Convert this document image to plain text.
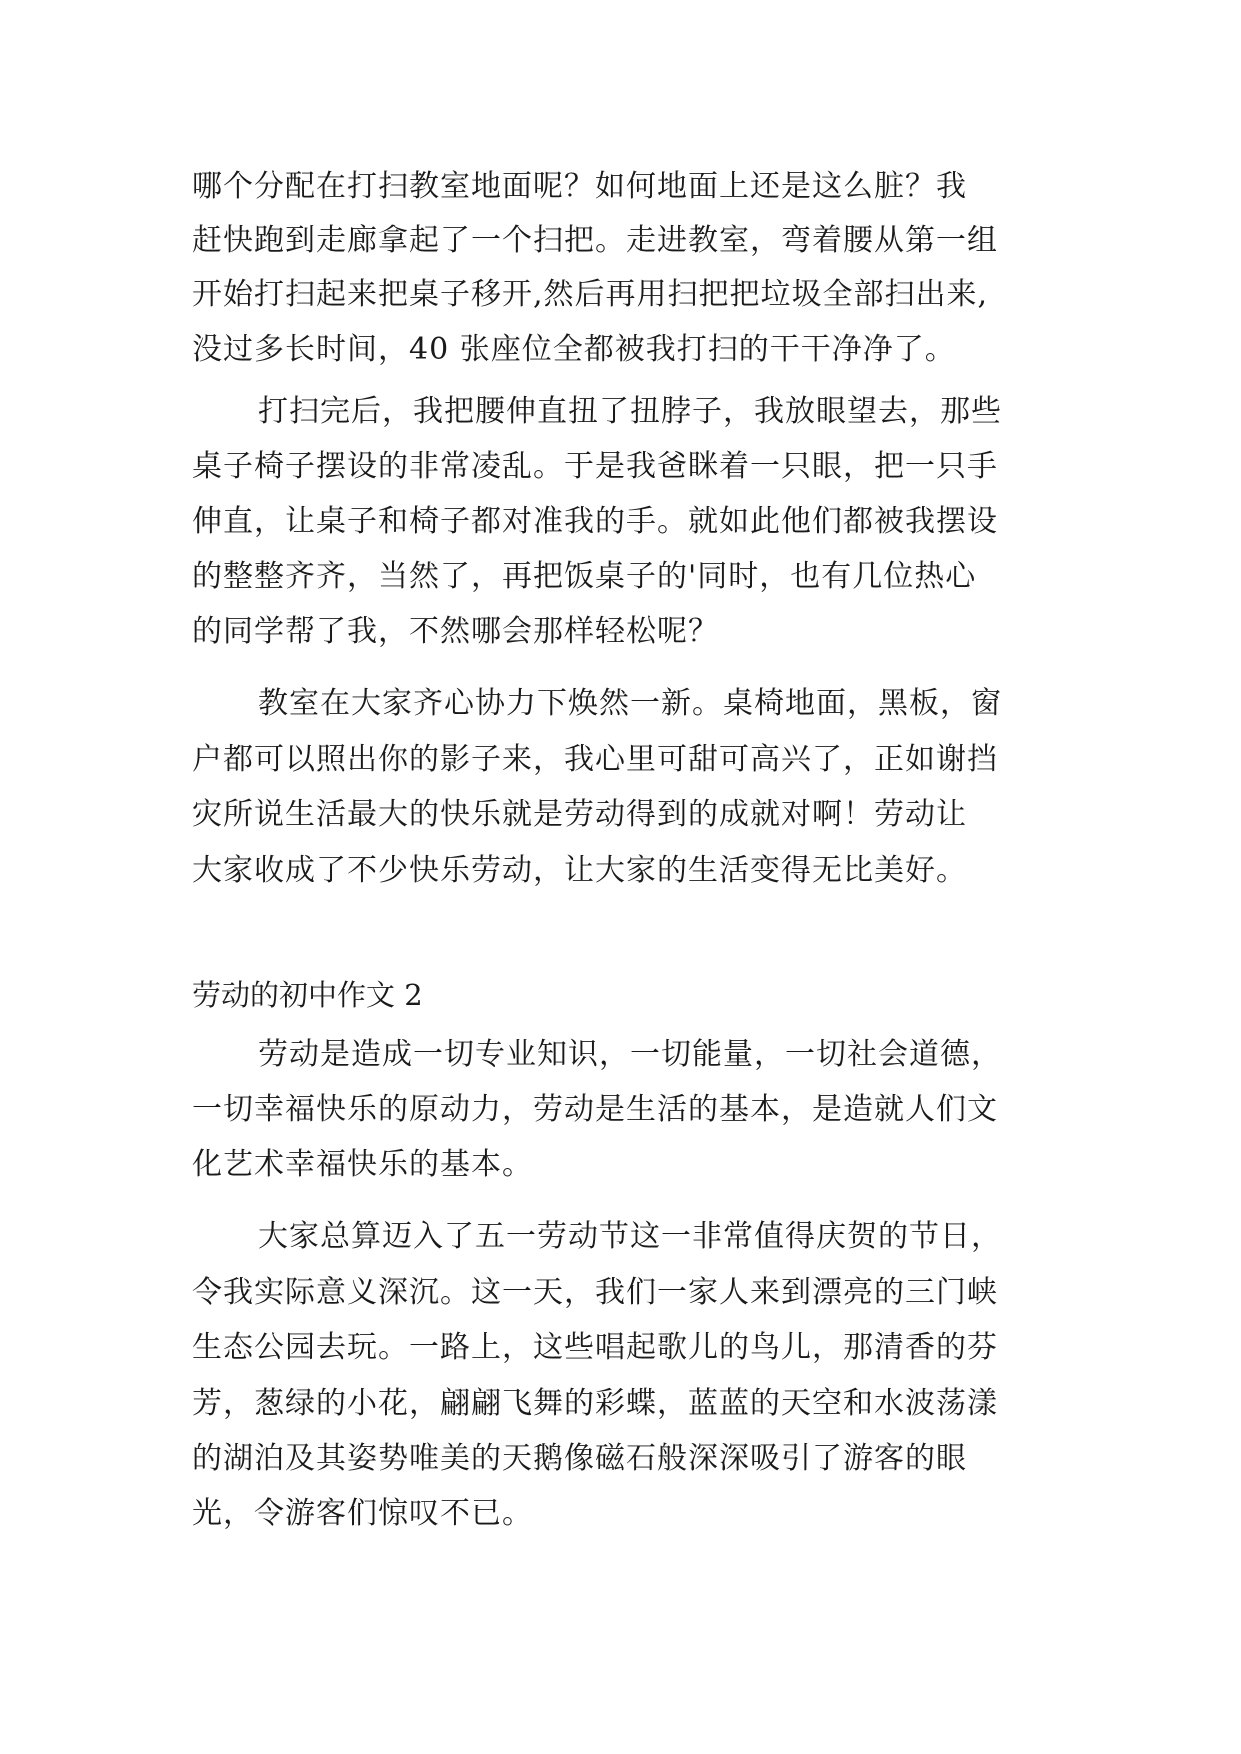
哪个分配在打扫教室地面呢？如何地面上还是这么脏？我
赶快跑到走廊拿起了一个扫把。走进教室，弯着腰从第一组
开始打扫起来把桌子移开,然后再用扫把把垃圾全部扫出来,
没过多长时间，40 张座位全都被我打扫的干干净净了。
打扫完后，我把腰伸直扭了扭脖子，我放眼望去，那些
桌子椅子摆设的非常凌乱。于是我爸眯着一只眼，把一只手
伸直，让桌子和椅子都对准我的手。就如此他们都被我摆设
的整整齐齐，当然了，再把饭桌子的'同时，也有几位热心
的同学帮了我，不然哪会那样轻松呢？
教室在大家齐心协力下焕然一新。桌椅地面，黑板，窗
户都可以照出你的影子来，我心里可甜可高兴了，正如谢挡
灾所说生活最大的快乐就是劳动得到的成就对啊！劳动让
大家收成了不少快乐劳动，让大家的生活变得无比美好。
劳动的初中作文 2
劳动是造成一切专业知识，一切能量，一切社会道德，
一切幸福快乐的原动力，劳动是生活的基本，是造就人们文
化艺术幸福快乐的基本。
大家总算迈入了五一劳动节这一非常值得庆贺的节日，
令我实际意义深沉。这一天，我们一家人来到漂亮的三门峡
生态公园去玩。一路上，这些唱起歌儿的鸟儿，那清香的芬
芳，葱绿的小花，翩翩飞舞的彩蝶，蓝蓝的天空和水波荡漾
的湖泊及其姿势唯美的天鹅像磁石般深深吸引了游客的眼
光，令游客们惊叹不已。
